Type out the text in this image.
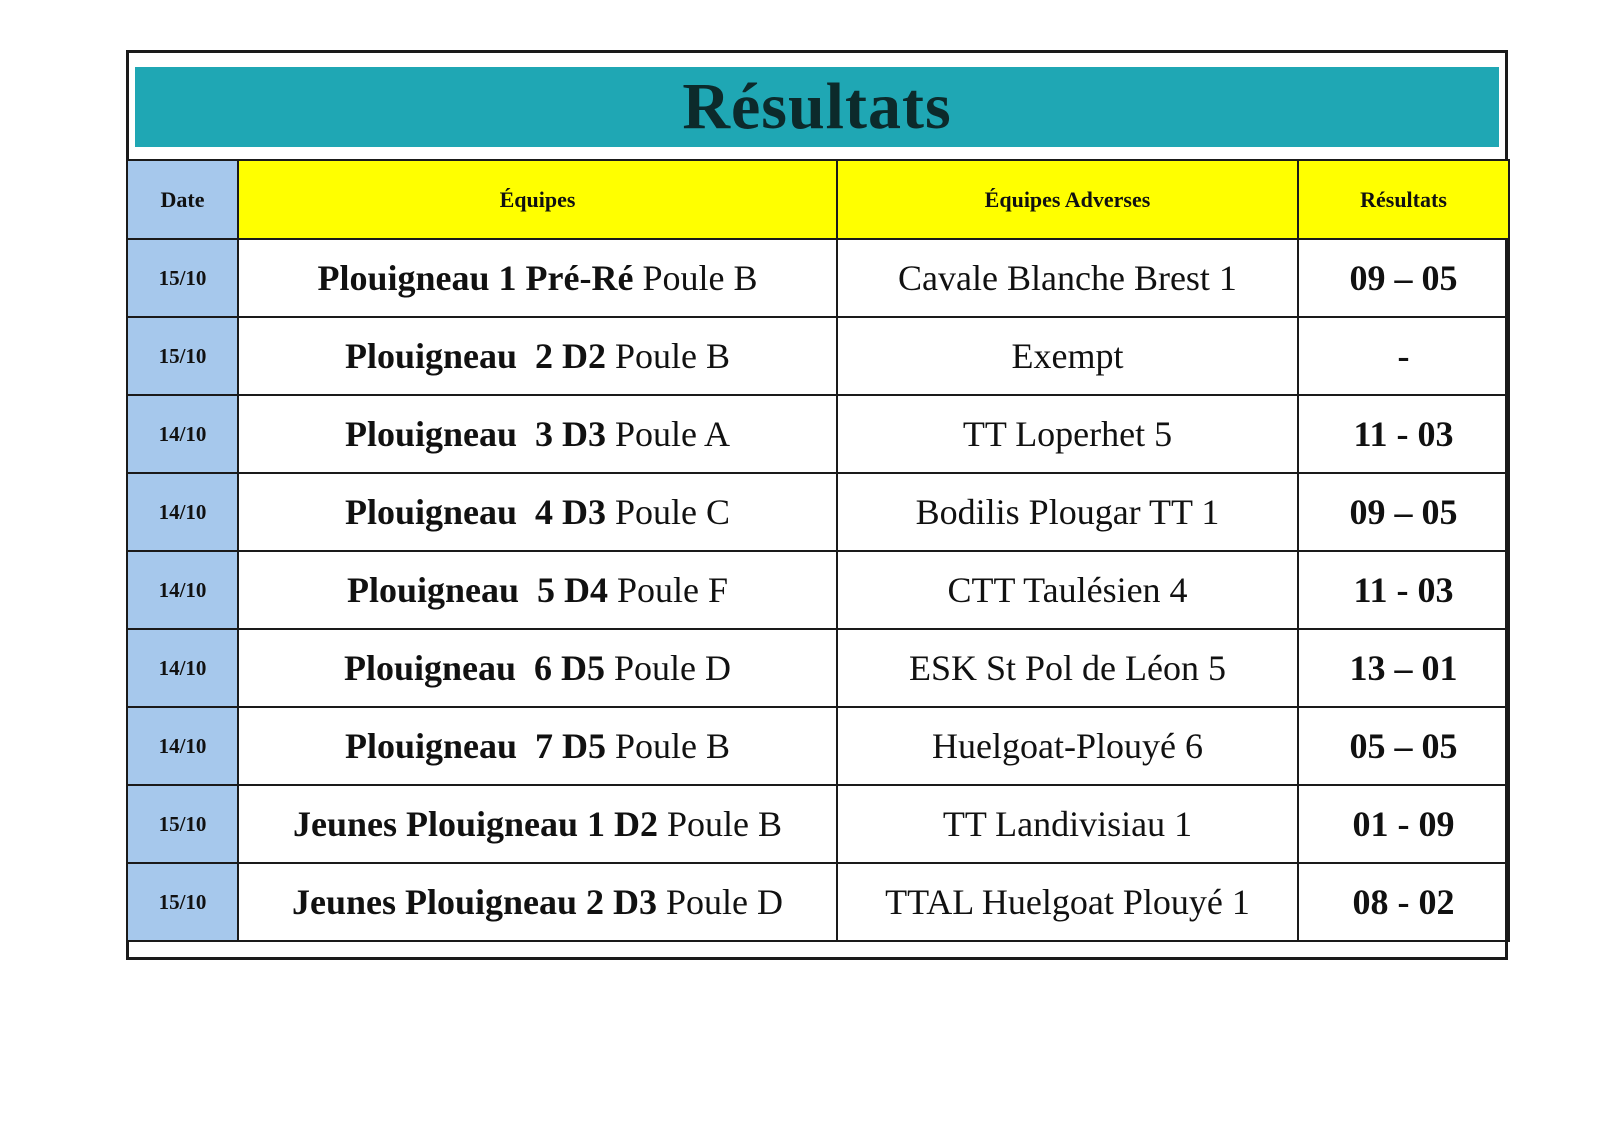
Résultats
Date	Équipes	Équipes Adverses	Résultats
15/10	Plouigneau 1 Pré-Ré Poule B	Cavale Blanche Brest 1	09 – 05
15/10	Plouigneau  2 D2 Poule B	Exempt	-
14/10	Plouigneau  3 D3 Poule A	TT Loperhet 5	11 - 03
14/10	Plouigneau  4 D3 Poule C	Bodilis Plougar TT 1	09 – 05
14/10	Plouigneau  5 D4 Poule F	CTT Taulésien 4	11 - 03
14/10	Plouigneau  6 D5 Poule D	ESK St Pol de Léon 5	13 – 01
14/10	Plouigneau  7 D5 Poule B	Huelgoat-Plouyé 6	05 – 05
15/10	Jeunes Plouigneau 1 D2 Poule B	TT Landivisiau 1	01 - 09
15/10	Jeunes Plouigneau 2 D3 Poule D	TTAL Huelgoat Plouyé 1	08 - 02
